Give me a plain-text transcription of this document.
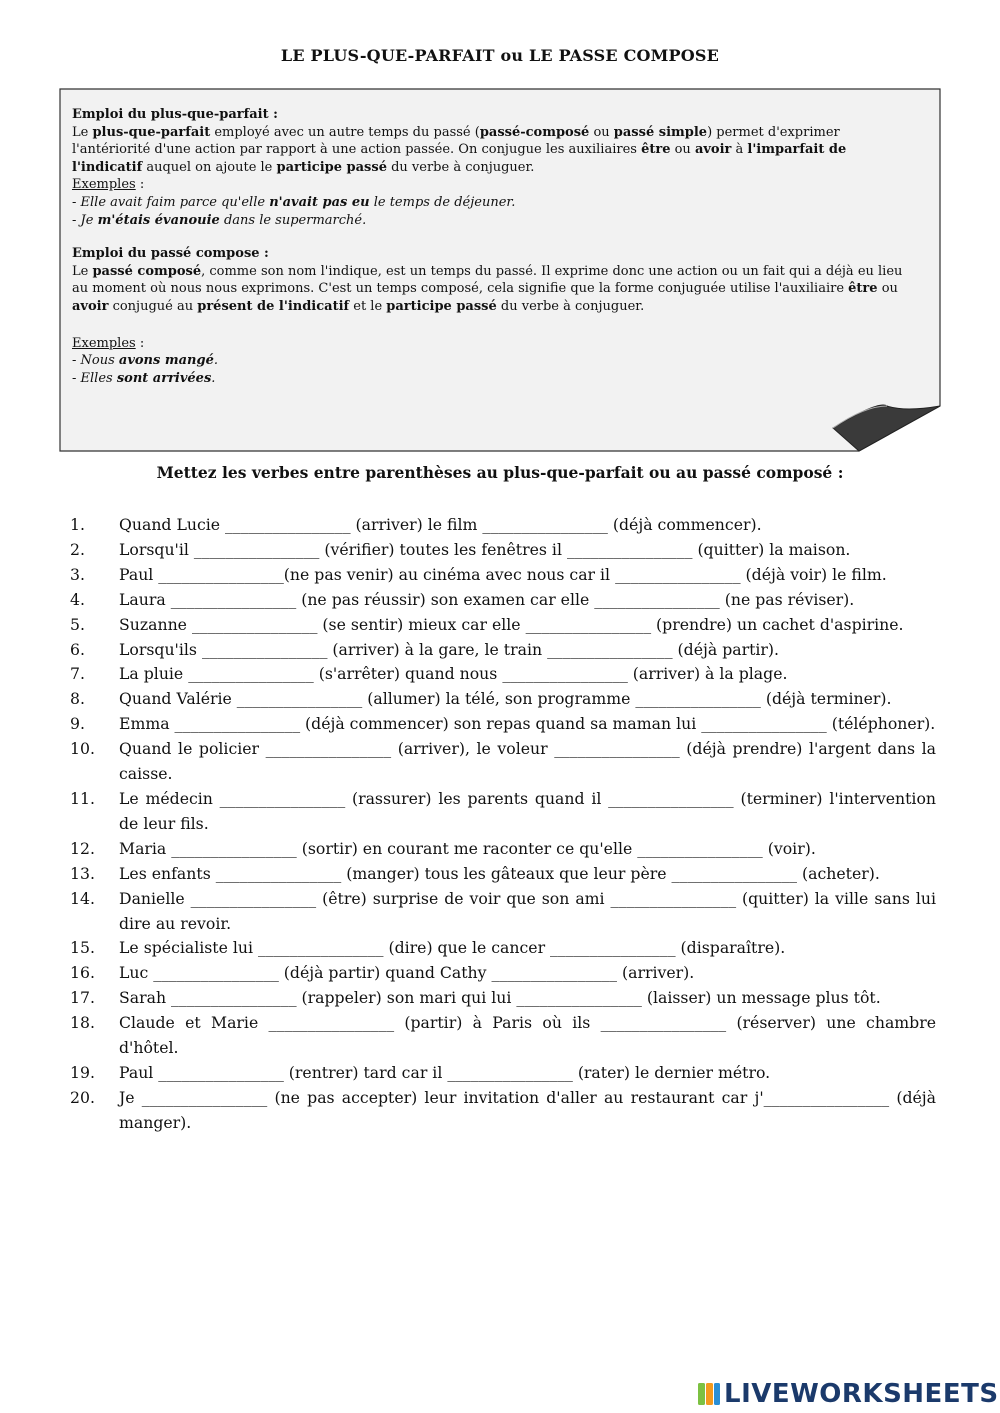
LE PLUS-QUE-PARFAIT ou LE PASSE COMPOSE

Emploi du plus-que-parfait :

Le plus-que-parfait employé avec un autre temps du passé (passé-composé ou passé simple) permet d'exprimer l'antériorité d'une action par rapport à une action passée. On conjugue les auxiliaires être ou avoir à l'imparfait de l'indicatif auquel on ajoute le participe passé du verbe à conjuguer.

Exemples :

- Elle avait faim parce qu'elle n'avait pas eu le temps de déjeuner.

- Je m'étais évanouie dans le supermarché.

Emploi du passé compose :

Le passé composé, comme son nom l'indique, est un temps du passé. Il exprime donc une action ou un fait qui a déjà eu lieu au moment où nous nous exprimons. C'est un temps composé, cela signifie que la forme conjuguée utilise l'auxiliaire être ou avoir conjugué au présent de l'indicatif et le participe passé du verbe à conjuguer.

Exemples :

- Nous avons mangé.

- Elles sont arrivées.

Mettez les verbes entre parenthèses au plus-que-parfait ou au passé composé :
1.	Quand Lucie ________________ (arriver) le film ________________ (déjà commencer).
2.	Lorsqu'il ________________ (vérifier) toutes les fenêtres il ________________ (quitter) la maison.
3.	Paul ________________(ne pas venir) au cinéma avec nous car il ________________ (déjà voir) le film.
4.	Laura ________________ (ne pas réussir) son examen car elle ________________ (ne pas réviser).
5.	Suzanne ________________ (se sentir) mieux car elle ________________ (prendre) un cachet d'aspirine.
6.	Lorsqu'ils ________________ (arriver) à la gare, le train ________________ (déjà partir).
7.	La pluie ________________ (s'arrêter) quand nous ________________ (arriver) à la plage.
8.	Quand Valérie ________________ (allumer) la télé, son programme ________________ (déjà terminer).
9.	Emma ________________ (déjà commencer) son repas quand sa maman lui ________________ (téléphoner).
10.	Quand le policier ________________ (arriver), le voleur ________________ (déjà prendre) l'argent dans la caisse.
11.	Le médecin ________________ (rassurer) les parents quand il ________________ (terminer) l'intervention de leur fils.
12.	Maria ________________ (sortir) en courant me raconter ce qu'elle ________________ (voir).
13.	Les enfants ________________ (manger) tous les gâteaux que leur père ________________ (acheter).
14.	Danielle ________________ (être) surprise de voir que son ami ________________ (quitter) la ville sans lui dire au revoir.
15.	Le spécialiste lui ________________ (dire) que le cancer ________________ (disparaître).
16.	Luc ________________ (déjà partir) quand Cathy ________________ (arriver).
17.	Sarah ________________ (rappeler) son mari qui lui ________________ (laisser) un message plus tôt.
18.	Claude et Marie ________________ (partir) à Paris où ils ________________ (réserver) une chambre d'hôtel.
19.	Paul ________________ (rentrer) tard car il ________________ (rater) le dernier métro.
20.	Je ________________ (ne pas accepter) leur invitation d'aller au restaurant car j'________________ (déjà manger).
LIVEWORKSHEETS
